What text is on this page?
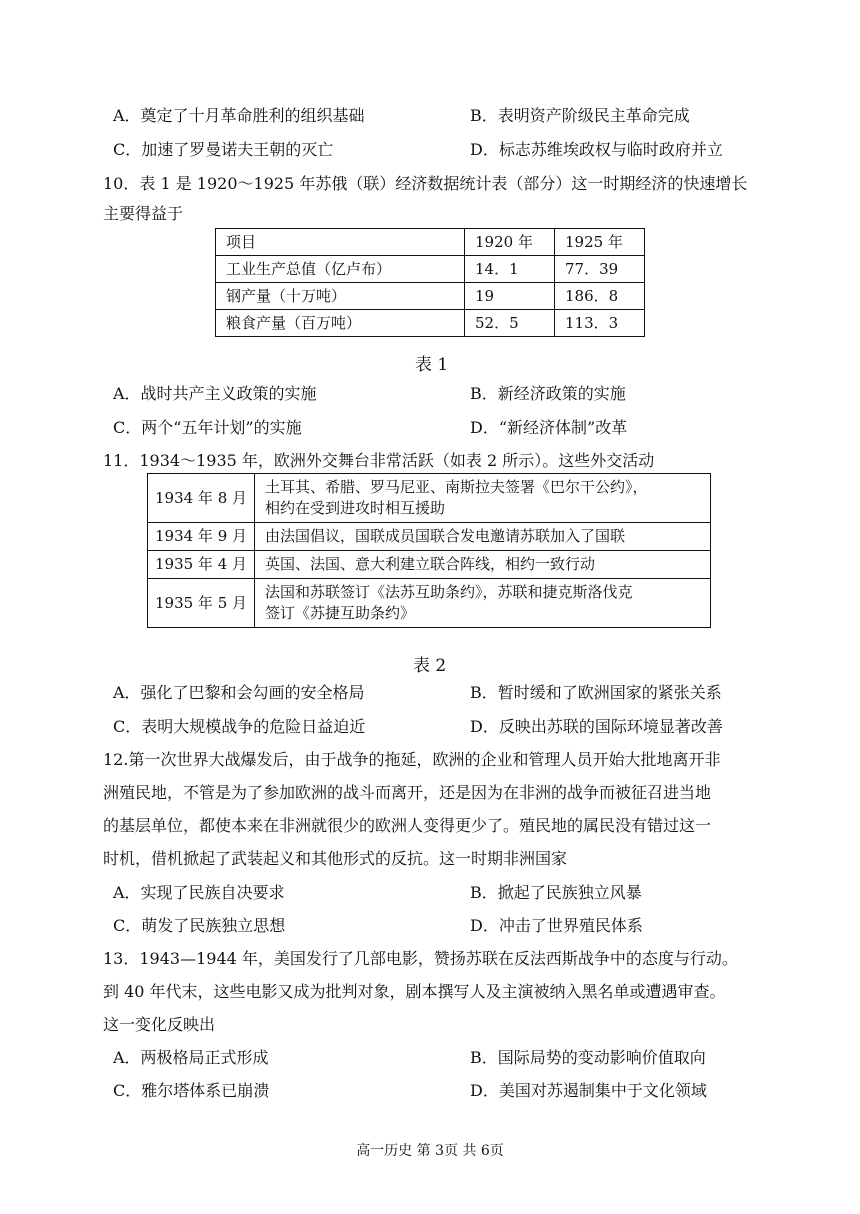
A．奠定了十月革命胜利的组织基础	B．表明资产阶级民主革命完成
C．加速了罗曼诺夫王朝的灭亡	D．标志苏维埃政权与临时政府并立
10．表 1 是 1920～1925 年苏俄（联）经济数据统计表（部分）这一时期经济的快速增长
主要得益于
项目	1920 年	1925 年
工业生产总值（亿卢布）	14．1	77．39
钢产量（十万吨）	19	186．8
粮食产量（百万吨）	52．5	113．3
表 1
A．战时共产主义政策的实施	B．新经济政策的实施
C．两个“五年计划”的实施	D．“新经济体制”改革
11．1934～1935 年，欧洲外交舞台非常活跃（如表 2 所示）。这些外交活动
1934 年 8 月	土耳其、希腊、罗马尼亚、南斯拉夫签署《巴尔干公约》，
相约在受到进攻时相互援助

1934 年 9 月	由法国倡议，国联成员国联合发电邀请苏联加入了国联
1935 年 4 月	英国、法国、意大利建立联合阵线，相约一致行动
1935 年 5 月	法国和苏联签订《法苏互助条约》，苏联和捷克斯洛伐克
签订《苏捷互助条约》
表 2
A．强化了巴黎和会勾画的安全格局	B．暂时缓和了欧洲国家的紧张关系
C．表明大规模战争的危险日益迫近	D．反映出苏联的国际环境显著改善
12.第一次世界大战爆发后，由于战争的拖延，欧洲的企业和管理人员开始大批地离开非
洲殖民地，不管是为了参加欧洲的战斗而离开，还是因为在非洲的战争而被征召进当地
的基层单位，都使本来在非洲就很少的欧洲人变得更少了。殖民地的属民没有错过这一
时机，借机掀起了武装起义和其他形式的反抗。这一时期非洲国家
A．实现了民族自决要求	B．掀起了民族独立风暴
C．萌发了民族独立思想	D．冲击了世界殖民体系
13．1943—1944 年，美国发行了几部电影，赞扬苏联在反法西斯战争中的态度与行动。
到 40 年代末，这些电影又成为批判对象，剧本撰写人及主演被纳入黑名单或遭遇审查。
这一变化反映出
A．两极格局正式形成	B．国际局势的变动影响价值取向
C．雅尔塔体系已崩溃	D．美国对苏遏制集中于文化领域
高一历史 第 3页 共 6页
